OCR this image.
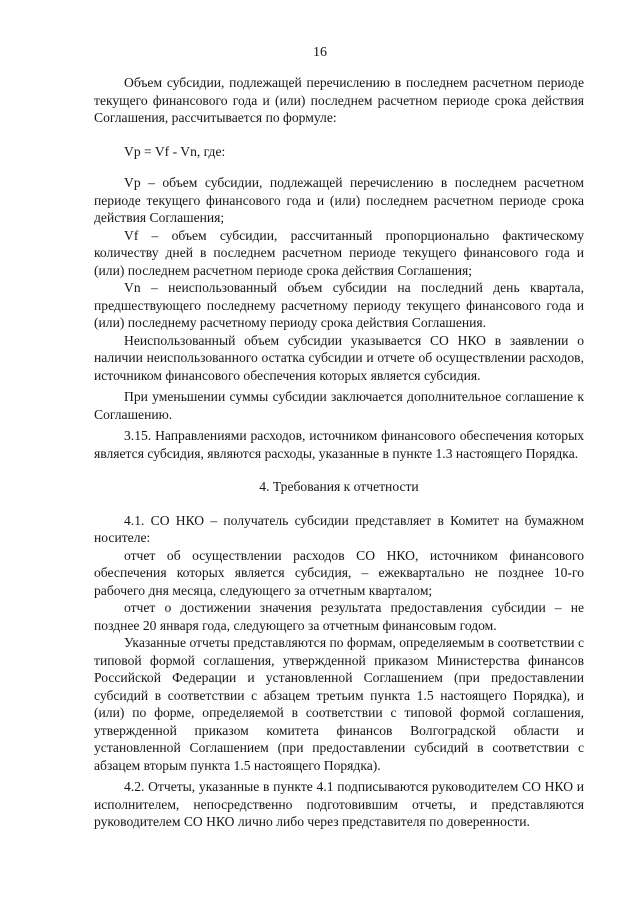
16

Объем субсидии, подлежащей перечислению в последнем расчетном периоде текущего финансового года и (или) последнем расчетном периоде срока действия Соглашения, рассчитывается по формуле:

Vp = Vf - Vn, где:

Vp – объем субсидии, подлежащей перечислению в последнем расчетном периоде текущего финансового года и (или) последнем расчетном периоде срока действия Соглашения;

Vf – объем субсидии, рассчитанный пропорционально фактическому количеству дней в последнем расчетном периоде текущего финансового года и (или) последнем расчетном периоде срока действия Соглашения;

Vn – неиспользованный объем субсидии на последний день квартала, предшествующего последнему расчетному периоду текущего финансового года и (или) последнему расчетному периоду срока действия Соглашения.

Неиспользованный объем субсидии указывается СО НКО в заявлении о наличии неиспользованного остатка субсидии и отчете об осуществлении расходов, источником финансового обеспечения которых является субсидия.

При уменьшении суммы субсидии заключается дополнительное соглашение к Соглашению.

3.15. Направлениями расходов, источником финансового обеспечения которых является субсидия, являются расходы, указанные в пункте 1.3 настоящего Порядка.

4. Требования к отчетности

4.1. СО НКО – получатель субсидии представляет в Комитет на бумажном носителе:

отчет об осуществлении расходов СО НКО, источником финансового обеспечения которых является субсидия, – ежеквартально не позднее 10-го рабочего дня месяца, следующего за отчетным кварталом;

отчет о достижении значения результата предоставления субсидии – не позднее 20 января года, следующего за отчетным финансовым годом.

Указанные отчеты представляются по формам, определяемым в соответствии с типовой формой соглашения, утвержденной приказом Министерства финансов Российской Федерации и установленной Соглашением (при предоставлении субсидий в соответствии с абзацем третьим пункта 1.5 настоящего Порядка), и (или) по форме, определяемой в соответствии с типовой формой соглашения, утвержденной приказом комитета финансов Волгоградской области и установленной Соглашением (при предоставлении субсидий в соответствии с абзацем вторым пункта 1.5 настоящего Порядка).

4.2. Отчеты, указанные в пункте 4.1 подписываются руководителем СО НКО и исполнителем, непосредственно подготовившим отчеты, и представляются руководителем СО НКО лично либо через представителя по доверенности.
